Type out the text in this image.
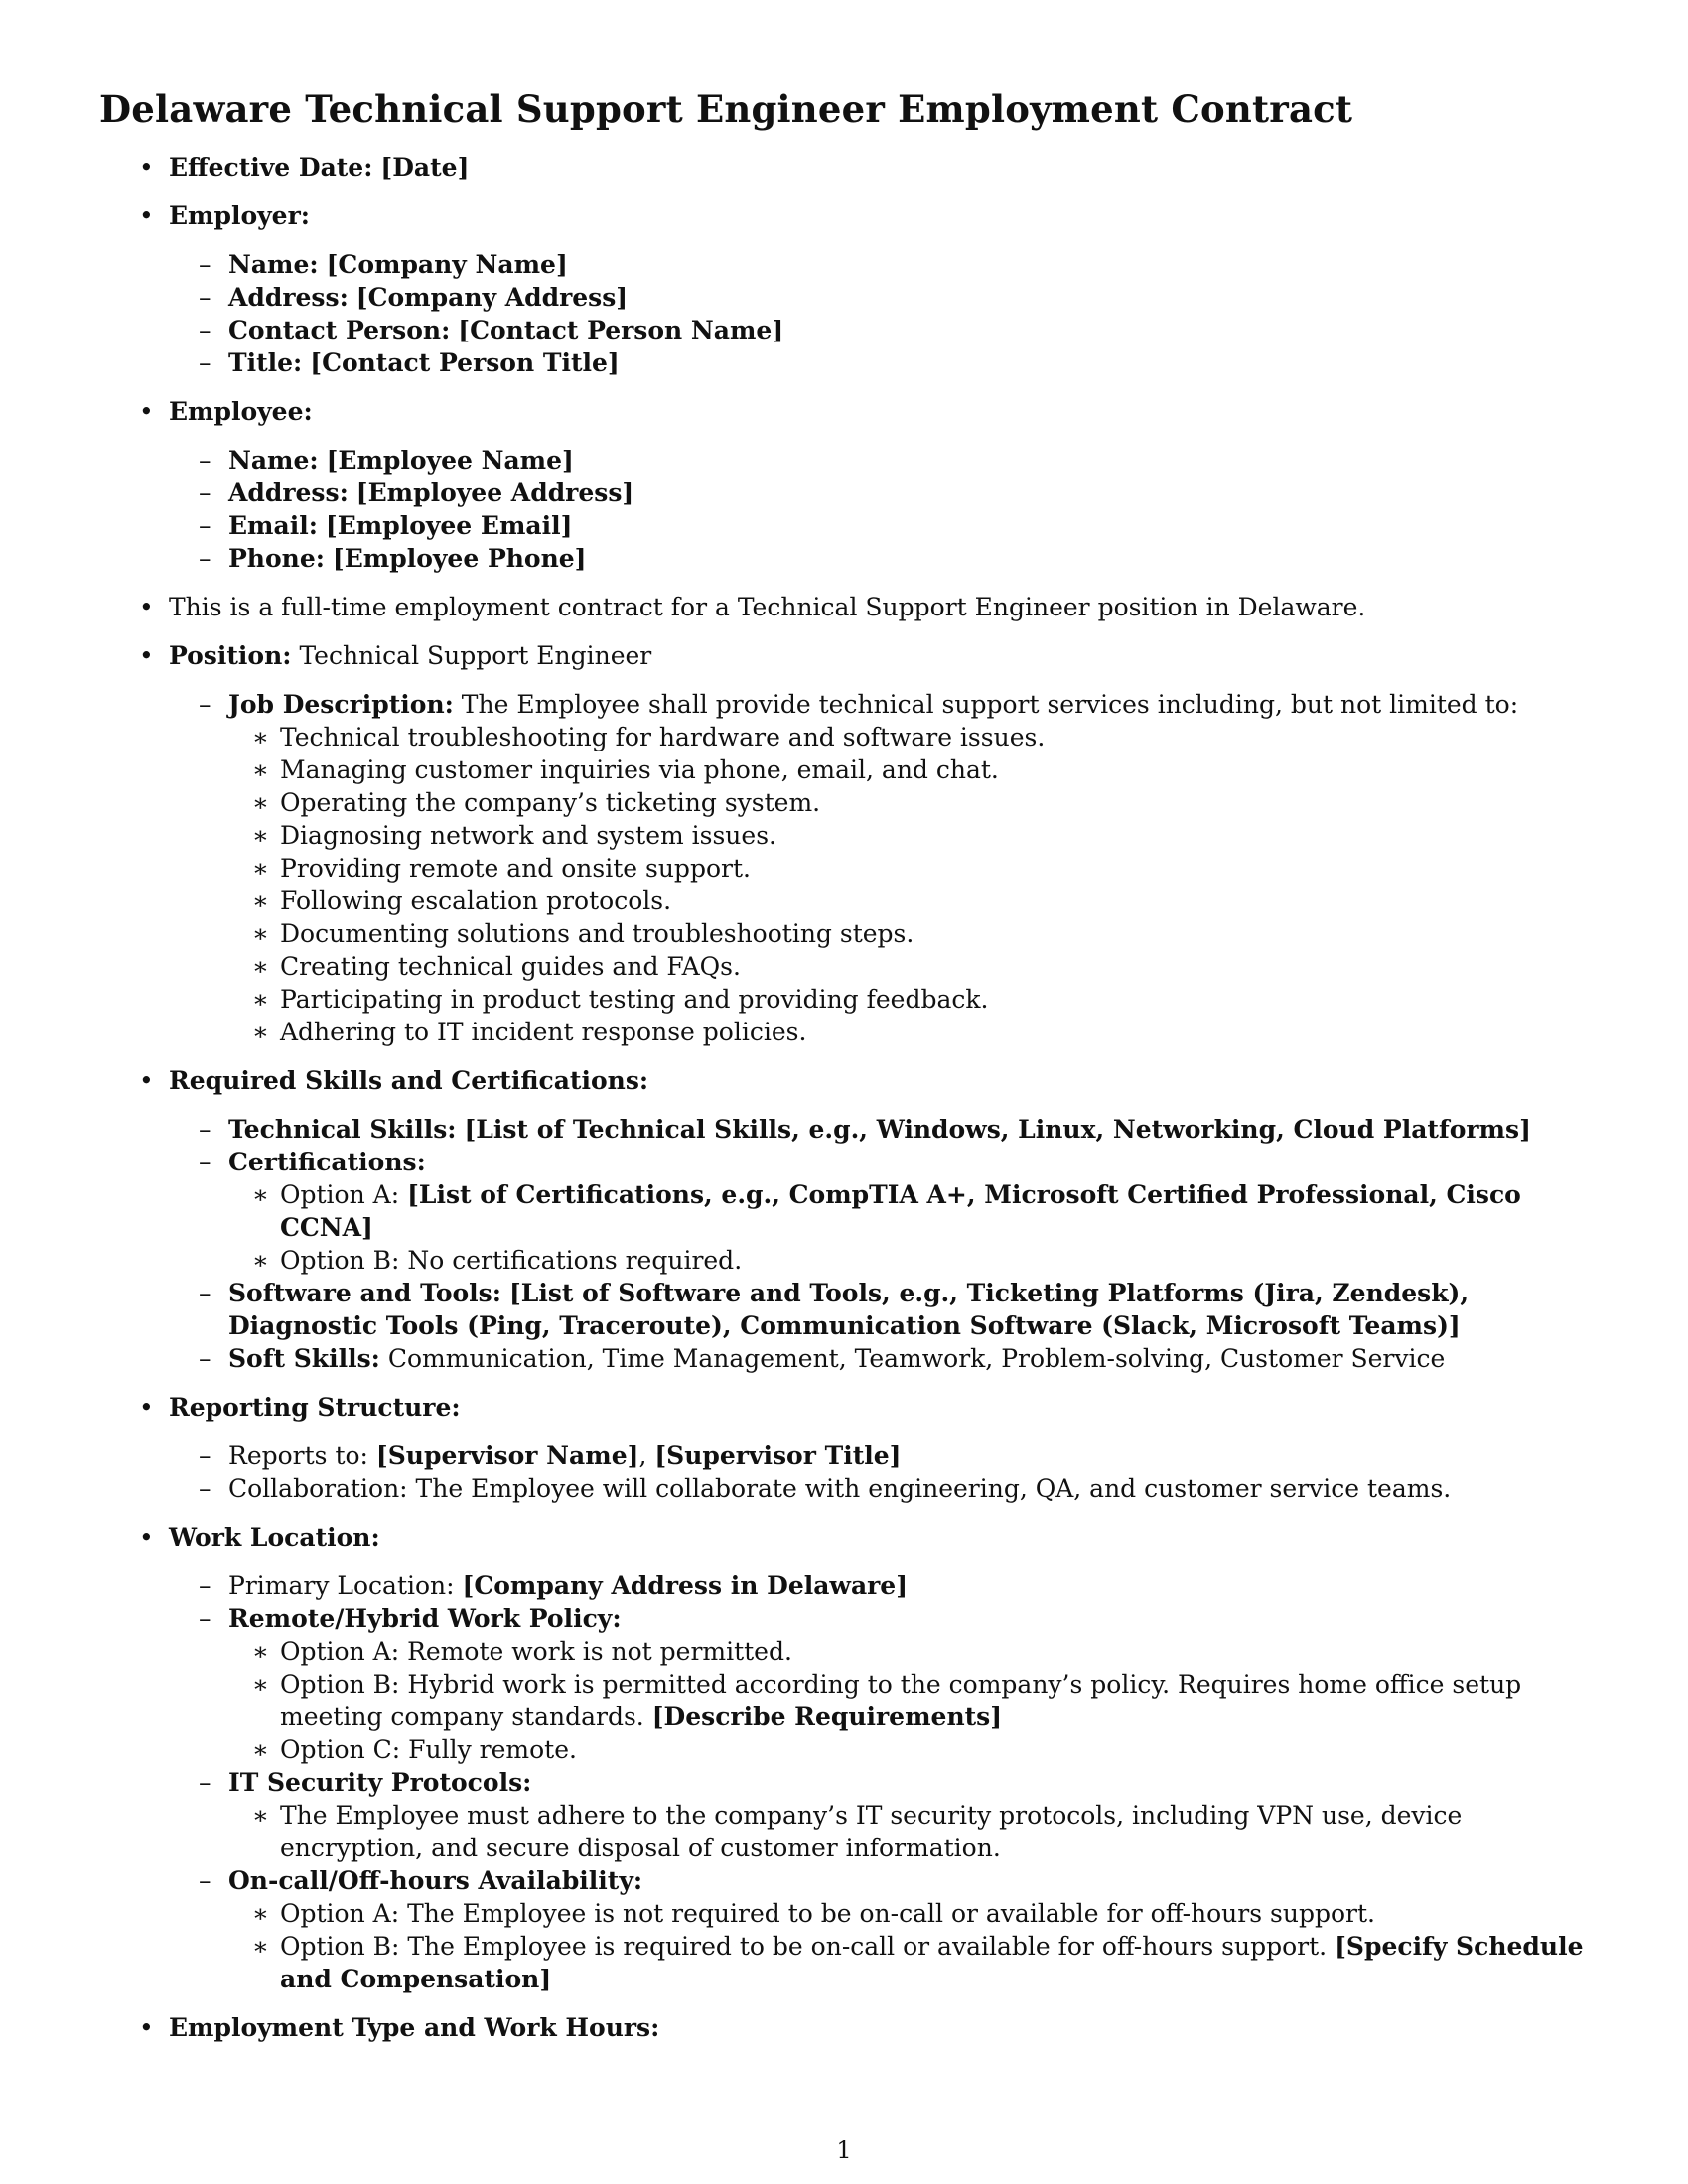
Delaware Technical Support Engineer Employment Contract
• Effective Date: [Date]
• Employer:
– Name: [Company Name]
– Address: [Company Address]
– Contact Person: [Contact Person Name]
– Title: [Contact Person Title]
• Employee:
– Name: [Employee Name]
– Address: [Employee Address]
– Email: [Employee Email]
– Phone: [Employee Phone]
• This is a full-time employment contract for a Technical Support Engineer position in Delaware.
• Position: Technical Support Engineer
– Job Description: The Employee shall provide technical support services including, but not limited to:
∗ Technical troubleshooting for hardware and software issues.
∗ Managing customer inquiries via phone, email, and chat.
∗ Operating the company’s ticketing system.
∗ Diagnosing network and system issues.
∗ Providing remote and onsite support.
∗ Following escalation protocols.
∗ Documenting solutions and troubleshooting steps.
∗ Creating technical guides and FAQs.
∗ Participating in product testing and providing feedback.
∗ Adhering to IT incident response policies.
• Required Skills and Certifications:
– Technical Skills: [List of Technical Skills, e.g., Windows, Linux, Networking, Cloud Platforms]
– Certifications:
∗ Option A: [List of Certifications, e.g., CompTIA A+, Microsoft Certified Professional, Cisco CCNA]
∗ Option B: No certifications required.
– Software and Tools: [List of Software and Tools, e.g., Ticketing Platforms (Jira, Zendesk), Diagnostic Tools (Ping, Traceroute), Communication Software (Slack, Microsoft Teams)]
– Soft Skills: Communication, Time Management, Teamwork, Problem-solving, Customer Service
• Reporting Structure:
– Reports to: [Supervisor Name], [Supervisor Title]
– Collaboration: The Employee will collaborate with engineering, QA, and customer service teams.
• Work Location:
– Primary Location: [Company Address in Delaware]
– Remote/Hybrid Work Policy:
∗ Option A: Remote work is not permitted.
∗ Option B: Hybrid work is permitted according to the company’s policy. Requires home office setup meeting company standards. [Describe Requirements]
∗ Option C: Fully remote.
– IT Security Protocols:
∗ The Employee must adhere to the company’s IT security protocols, including VPN use, device encryption, and secure disposal of customer information.
– On-call/Off-hours Availability:
∗ Option A: The Employee is not required to be on-call or available for off-hours support.
∗ Option B: The Employee is required to be on-call or available for off-hours support. [Specify Schedule and Compensation]
• Employment Type and Work Hours:
1
